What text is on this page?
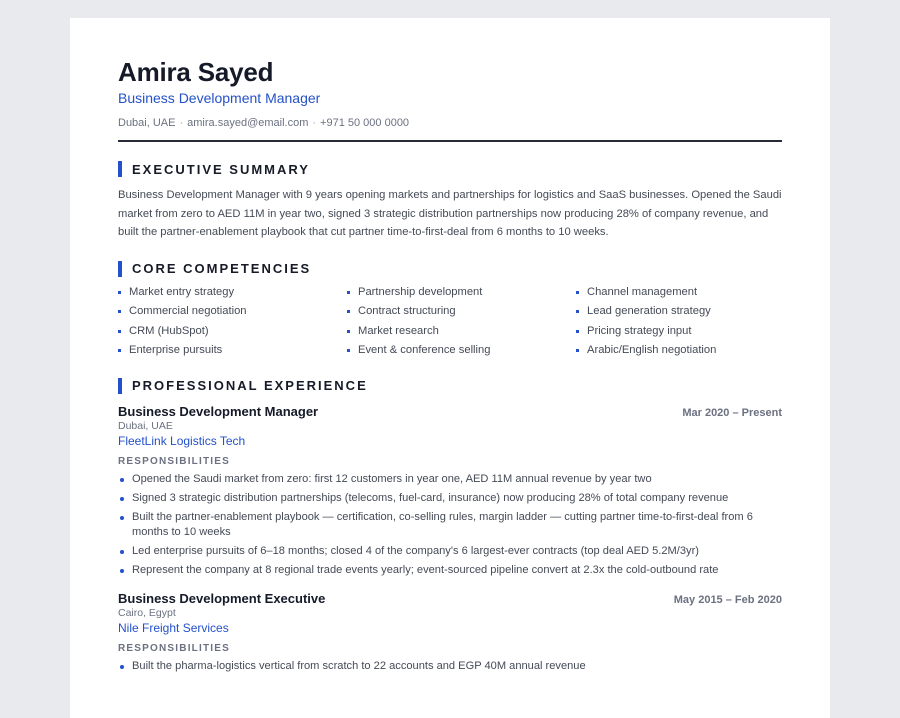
Amira Sayed
Business Development Manager
Dubai, UAE · amira.sayed@email.com · +971 50 000 0000
EXECUTIVE SUMMARY
Business Development Manager with 9 years opening markets and partnerships for logistics and SaaS businesses. Opened the Saudi market from zero to AED 11M in year two, signed 3 strategic distribution partnerships now producing 28% of company revenue, and built the partner-enablement playbook that cut partner time-to-first-deal from 6 months to 10 weeks.
CORE COMPETENCIES
Market entry strategy	Partnership development	Channel management
Commercial negotiation	Contract structuring	Lead generation strategy
CRM (HubSpot)	Market research	Pricing strategy input
Enterprise pursuits	Event & conference selling	Arabic/English negotiation
PROFESSIONAL EXPERIENCE
Business Development Manager	Mar 2020 – Present
Dubai, UAE
FleetLink Logistics Tech
RESPONSIBILITIES
Opened the Saudi market from zero: first 12 customers in year one, AED 11M annual revenue by year two
Signed 3 strategic distribution partnerships (telecoms, fuel-card, insurance) now producing 28% of total company revenue
Built the partner-enablement playbook — certification, co-selling rules, margin ladder — cutting partner time-to-first-deal from 6 months to 10 weeks
Led enterprise pursuits of 6–18 months; closed 4 of the company's 6 largest-ever contracts (top deal AED 5.2M/3yr)
Represent the company at 8 regional trade events yearly; event-sourced pipeline convert at 2.3x the cold-outbound rate
Business Development Executive	May 2015 – Feb 2020
Cairo, Egypt
Nile Freight Services
RESPONSIBILITIES
Built the pharma-logistics vertical from scratch to 22 accounts and EGP 40M annual revenue
